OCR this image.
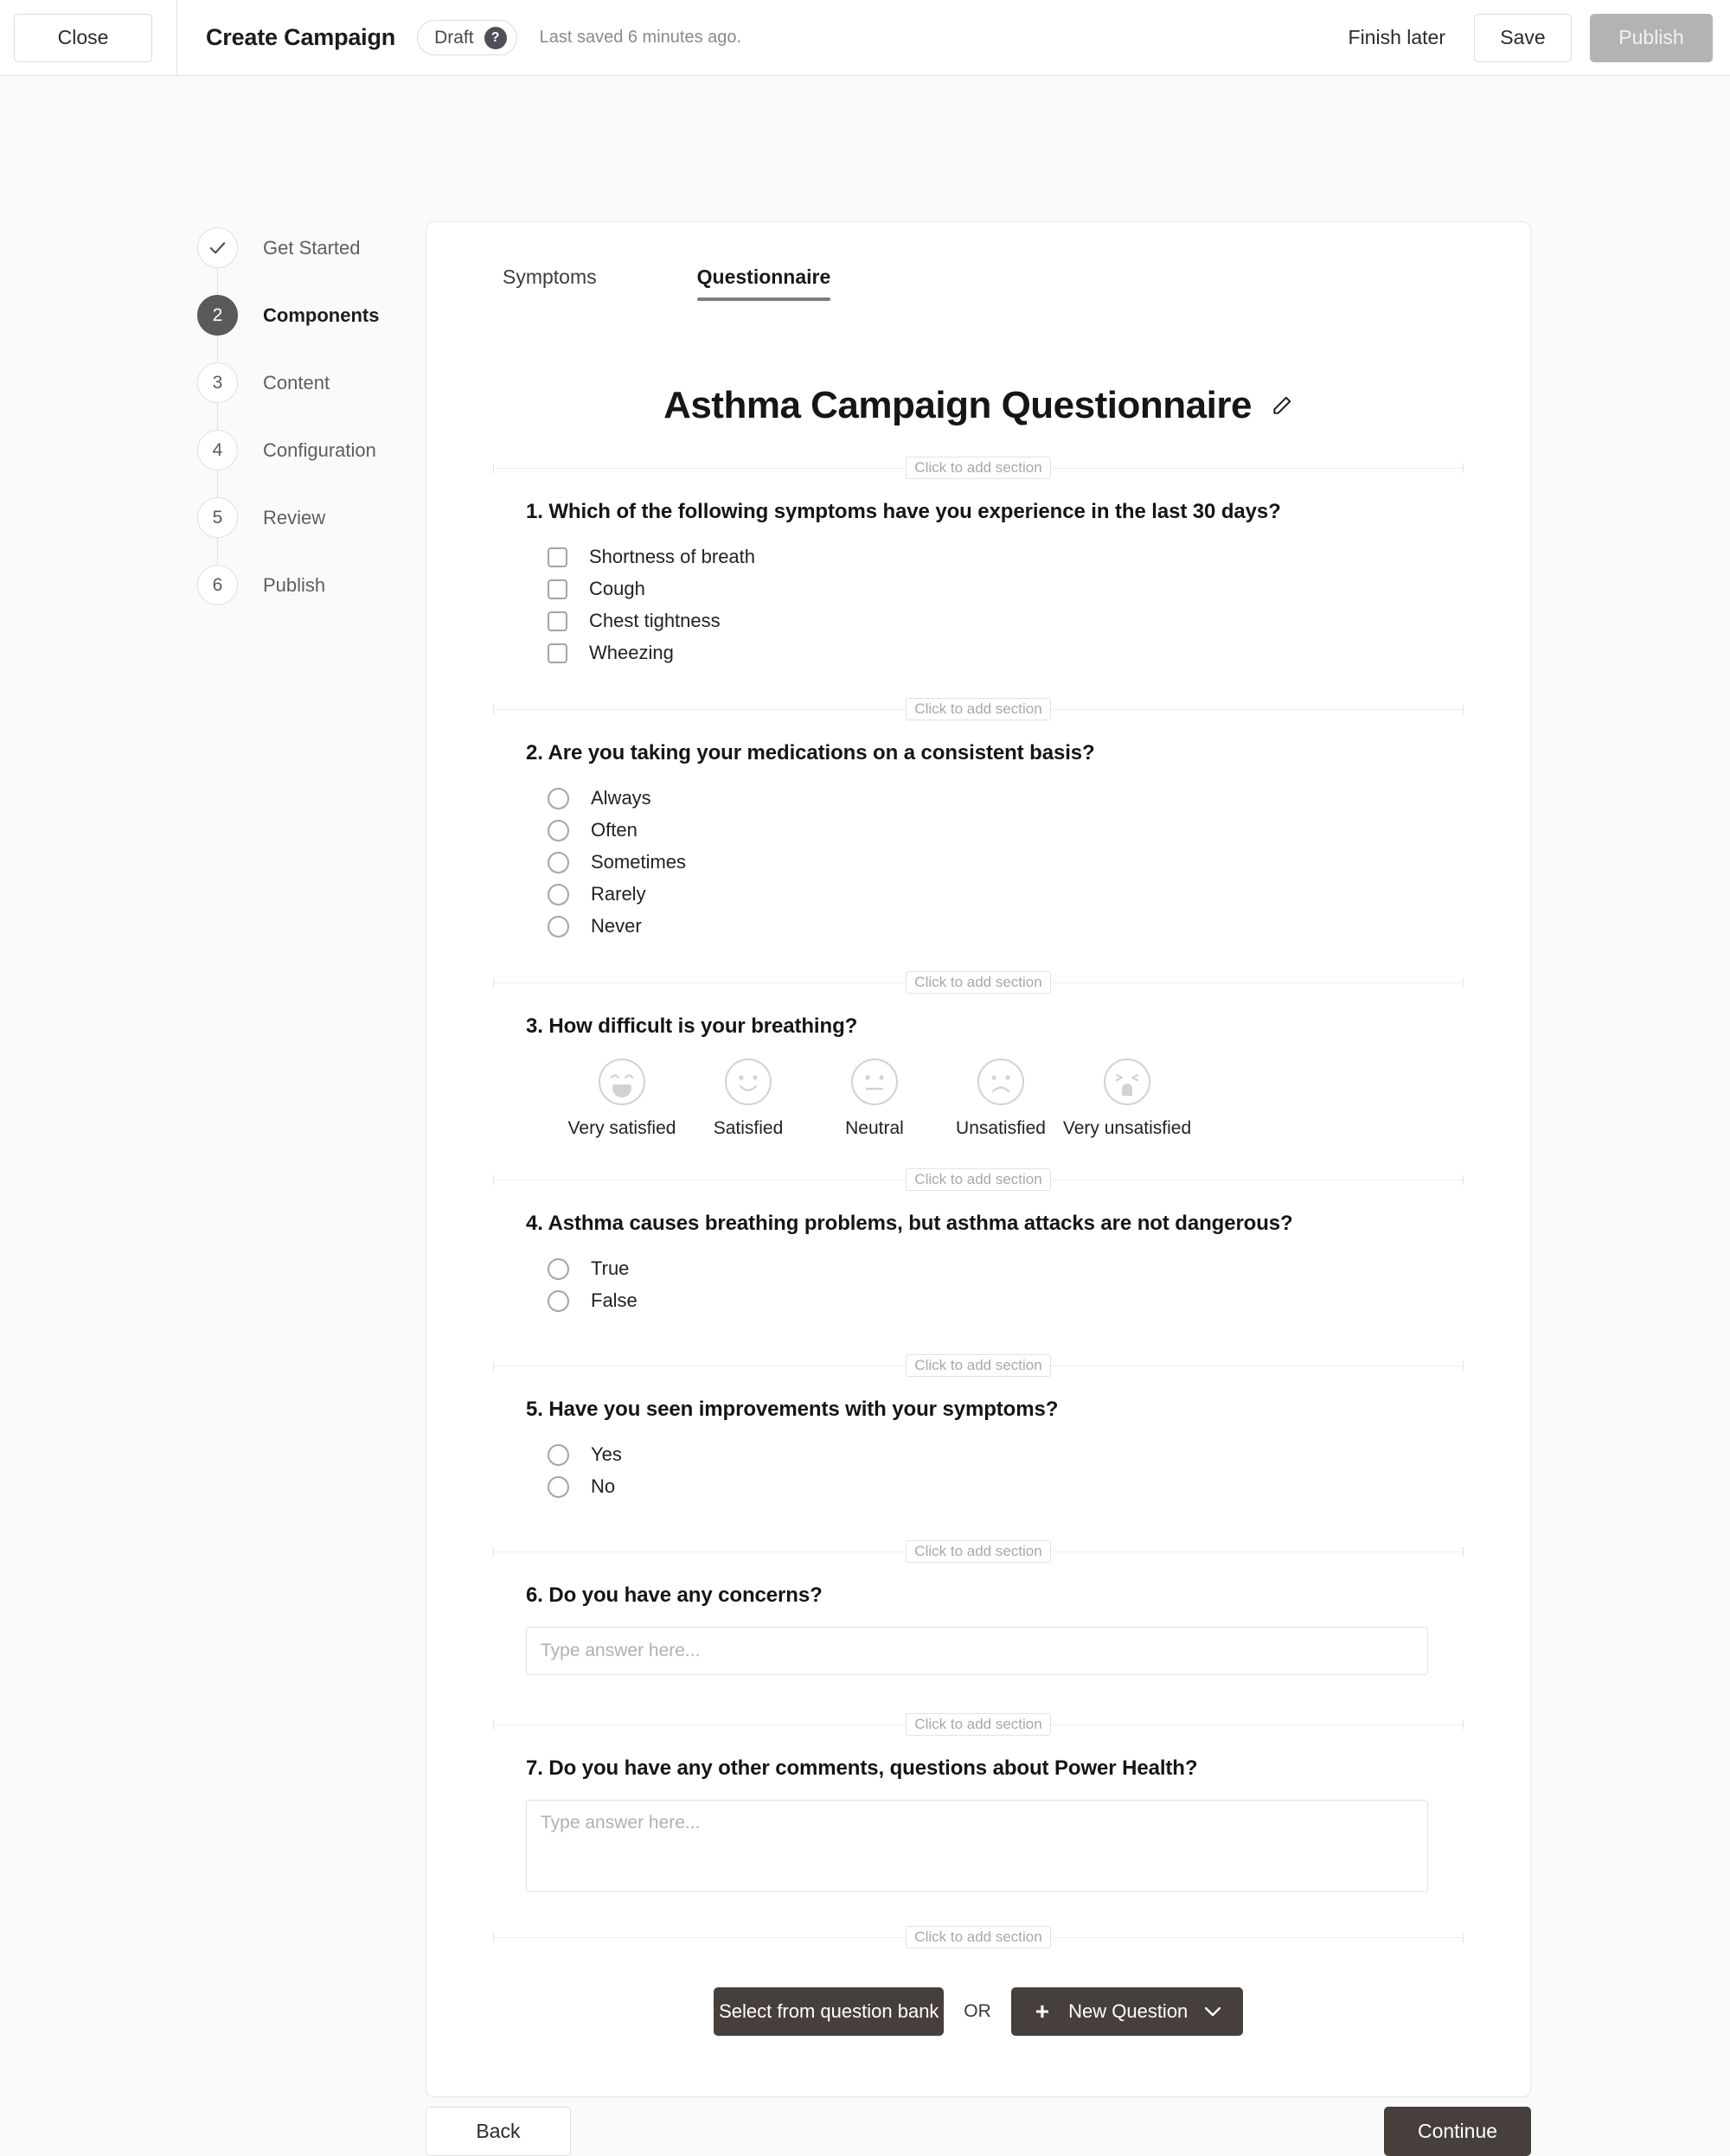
Close	Create Campaign Draft	?	Last saved 6 minutes ago.	Finish later	Save	Publish
Get Started
2	Components
3	Content
4	Configuration
5	Review
6	Publish
Symptoms	Questionnaire
Asthma Campaign Questionnaire
Click to add section
1. Which of the following symptoms have you experience in the last 30 days?
Shortness of breath
Cough
Chest tightness
Wheezing
Click to add section
2. Are you taking your medications on a consistent basis?
Always
Often
Sometimes
Rarely
Never
Click to add section
3. How difficult is your breathing?
Very satisfied Satisfied	Neutral	Unsatisfied Very unsatisfied
Click to add section
4. Asthma causes breathing problems, but asthma attacks are not dangerous?
True
False
Click to add section
5. Have you seen improvements with your symptoms?
Yes
No
Click to add section
6. Do you have any concerns?
Type answer here...
Click to add section
7. Do you have any other comments, questions about Power Health?
Type answer here...
Click to add section
Select from question bank OR + New Question
Back	Continue
